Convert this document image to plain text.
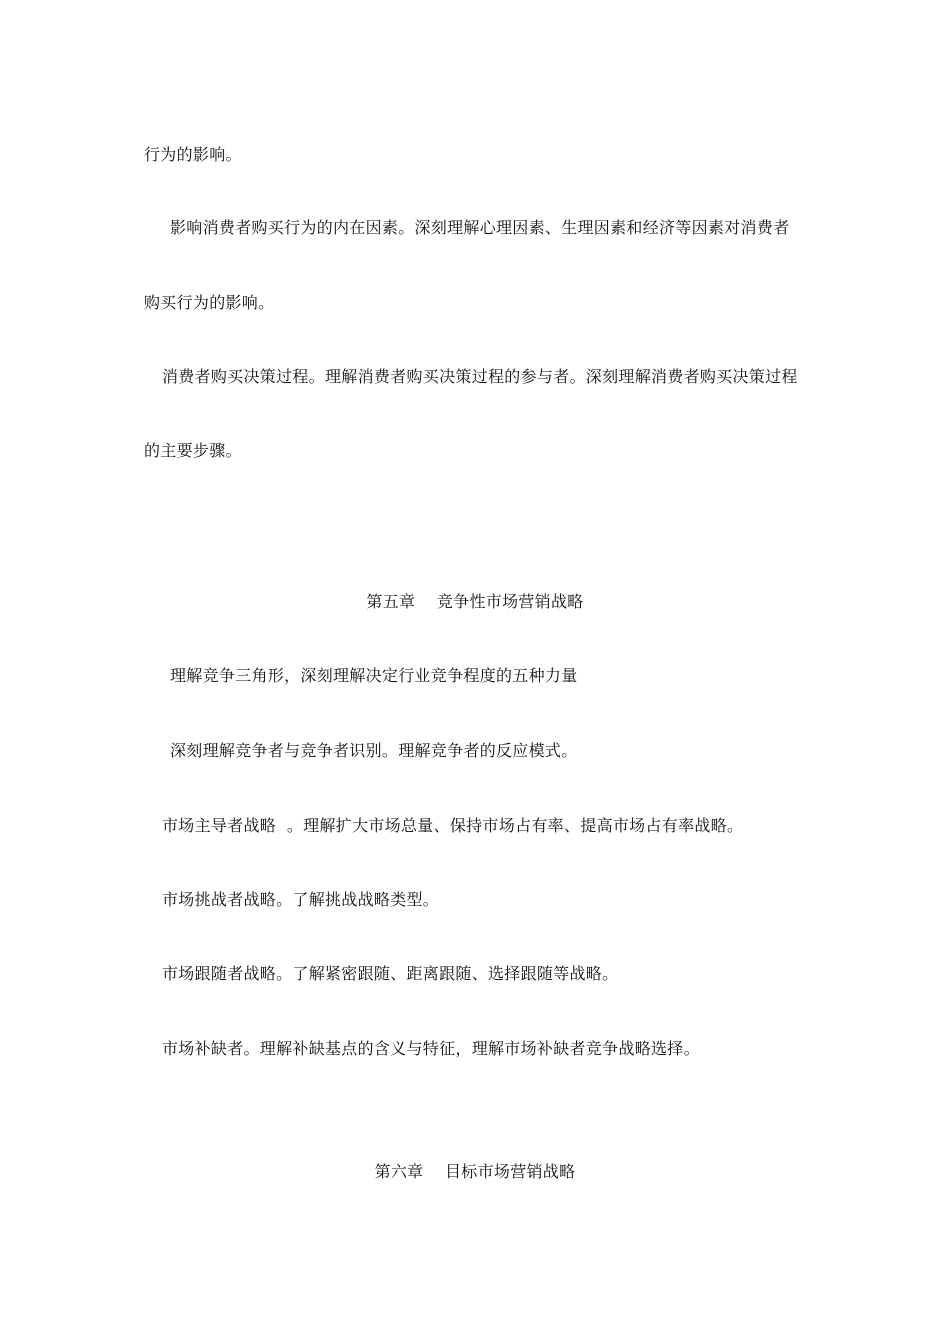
行为的影响。
影响消费者购买行为的内在因素。深刻理解心理因素、生理因素和经济等因素对消费者
购买行为的影响。
消费者购买决策过程。理解消费者购买决策过程的参与者。深刻理解消费者购买决策过程
的主要步骤。
第五章    竞争性市场营销战略
理解竞争三角形，深刻理解决定行业竞争程度的五种力量
深刻理解竞争者与竞争者识别。理解竞争者的反应模式。
市场主导者战略  。理解扩大市场总量、保持市场占有率、提高市场占有率战略。
市场挑战者战略。了解挑战战略类型。
市场跟随者战略。了解紧密跟随、距离跟随、选择跟随等战略。
市场补缺者。理解补缺基点的含义与特征，理解市场补缺者竞争战略选择。
第六章    目标市场营销战略
